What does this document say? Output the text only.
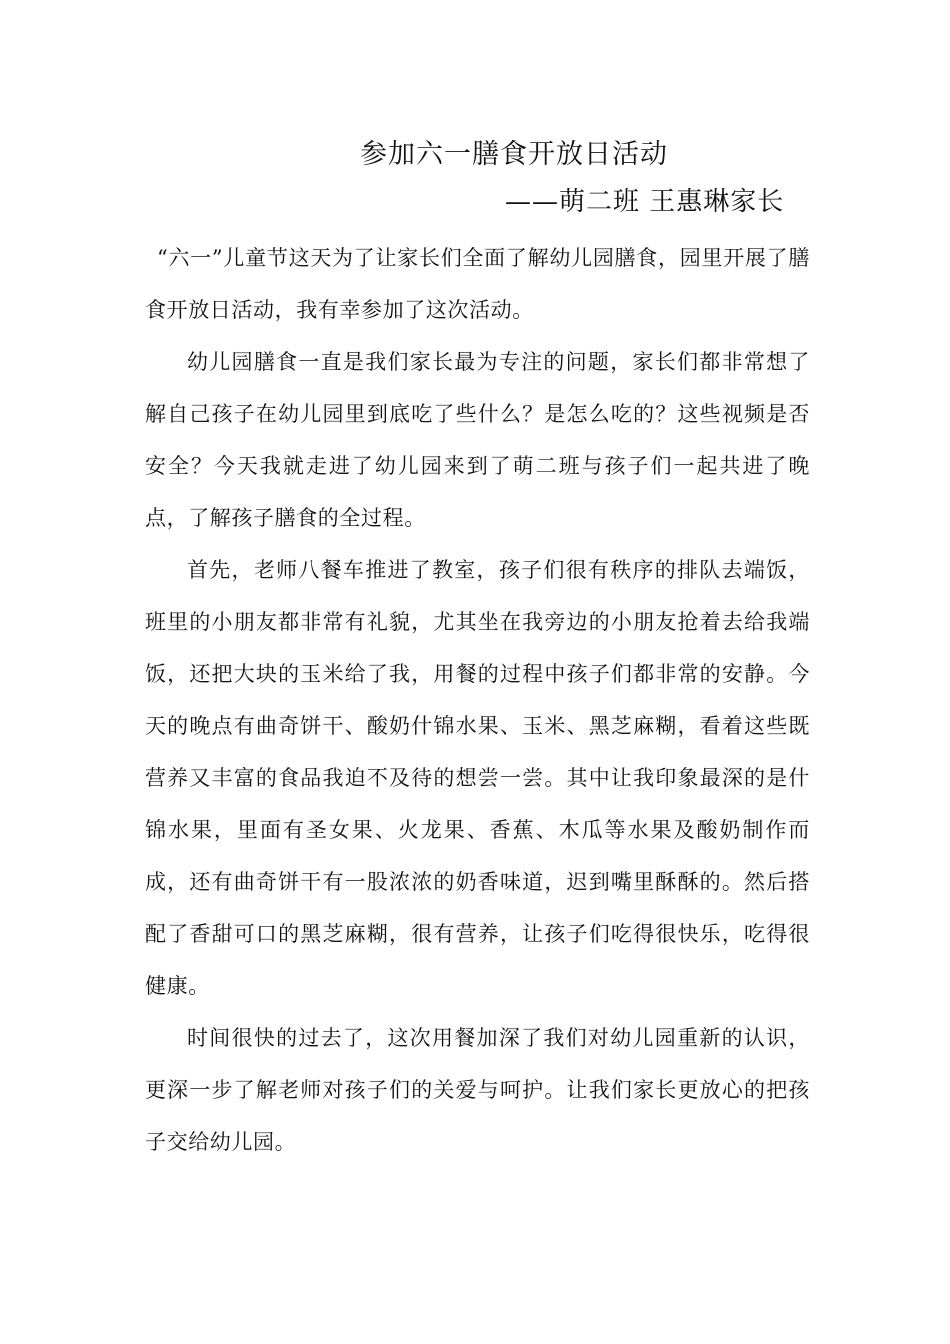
参加六一膳食开放日活动
——萌二班 王惠琳家长

“六一”儿童节这天为了让家长们全面了解幼儿园膳食，园里开展了膳食开放日活动，我有幸参加了这次活动。

幼儿园膳食一直是我们家长最为专注的问题，家长们都非常想了解自己孩子在幼儿园里到底吃了些什么？是怎么吃的？这些视频是否安全？今天我就走进了幼儿园来到了萌二班与孩子们一起共进了晚点，了解孩子膳食的全过程。

首先，老师八餐车推进了教室，孩子们很有秩序的排队去端饭，班里的小朋友都非常有礼貌，尤其坐在我旁边的小朋友抢着去给我端饭，还把大块的玉米给了我，用餐的过程中孩子们都非常的安静。今天的晚点有曲奇饼干、酸奶什锦水果、玉米、黑芝麻糊，看着这些既营养又丰富的食品我迫不及待的想尝一尝。其中让我印象最深的是什锦水果，里面有圣女果、火龙果、香蕉、木瓜等水果及酸奶制作而成，还有曲奇饼干有一股浓浓的奶香味道，迟到嘴里酥酥的。然后搭配了香甜可口的黑芝麻糊，很有营养，让孩子们吃得很快乐，吃得很健康。

时间很快的过去了，这次用餐加深了我们对幼儿园重新的认识，更深一步了解老师对孩子们的关爱与呵护。让我们家长更放心的把孩子交给幼儿园。
